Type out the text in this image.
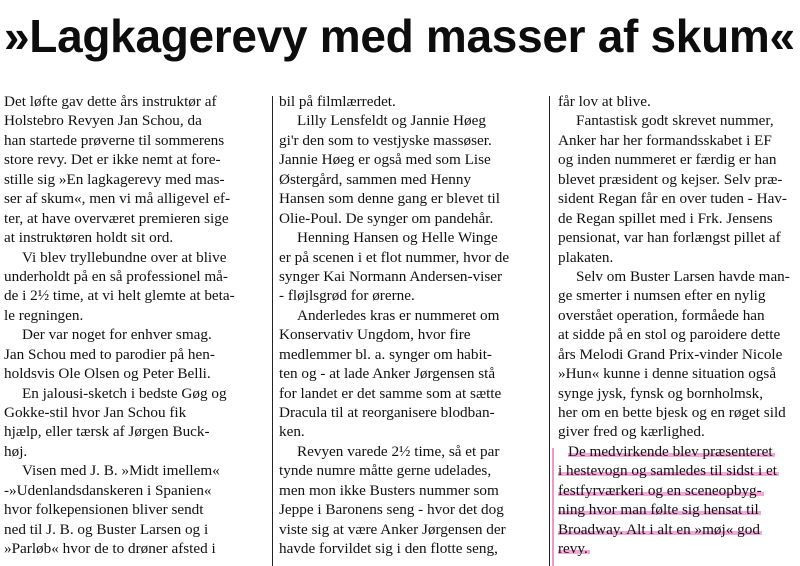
»Lagkagerevy med masser af skum«
Det løfte gav dette års instruktør af
Holstebro Revyen Jan Schou, da
han startede prøverne til sommerens
store revy. Det er ikke nemt at fore-
stille sig »En lagkagerevy med mas-
ser af skum«, men vi må alligevel ef-
ter, at have overværet premieren sige
at instruktøren holdt sit ord.
Vi blev tryllebundne over at blive
underholdt på en så professionel må-
de i 2½ time, at vi helt glemte at beta-
le regningen.
Der var noget for enhver smag.
Jan Schou med to parodier på hen-
holdsvis Ole Olsen og Peter Belli.
En jalousi-sketch i bedste Gøg og
Gokke-stil hvor Jan Schou fik
hjælp, eller tærsk af Jørgen Buck-
høj.
Visen med J. B. »Midt imellem«
-»Udenlandsdanskeren i Spanien«
hvor folkepensionen bliver sendt
ned til J. B. og Buster Larsen og i
»Parløb« hvor de to drøner afsted i
bil på filmlærredet.
Lilly Lensfeldt og Jannie Høeg
gi'r den som to vestjyske massøser.
Jannie Høeg er også med som Lise
Østergård, sammen med Henny
Hansen som denne gang er blevet til
Olie-Poul. De synger om pandehår.
Henning Hansen og Helle Winge
er på scenen i et flot nummer, hvor de
synger Kai Normann Andersen-viser
- fløjlsgrød for ørerne.
Anderledes kras er nummeret om
Konservativ Ungdom, hvor fire
medlemmer bl. a. synger om habit-
ten og - at lade Anker Jørgensen stå
for landet er det samme som at sætte
Dracula til at reorganisere blodban-
ken.
Revyen varede 2½ time, så et par
tynde numre måtte gerne udelades,
men mon ikke Busters nummer som
Jeppe i Baronens seng - hvor det dog
viste sig at være Anker Jørgensen der
havde forvildet sig i den flotte seng,
får lov at blive.
Fantastisk godt skrevet nummer,
Anker har her formandsskabet i EF
og inden nummeret er færdig er han
blevet præsident og kejser. Selv præ-
sident Regan får en over tuden - Hav-
de Regan spillet med i Frk. Jensens
pensionat, var han forlængst pillet af
plakaten.
Selv om Buster Larsen havde man-
ge smerter i numsen efter en nylig
overstået operation, formåede han
at sidde på en stol og paroidere dette
års Melodi Grand Prix-vinder Nicole
»Hun« kunne i denne situation også
synge jysk, fynsk og bornholmsk,
her om en bette bjesk og en røget sild
giver fred og kærlighed.
De medvirkende blev præsenteret
i hestevogn og samledes til sidst i et
festfyrværkeri og en sceneopbyg-
ning hvor man følte sig hensat til
Broadway. Alt i alt en »møj« god
revy.
